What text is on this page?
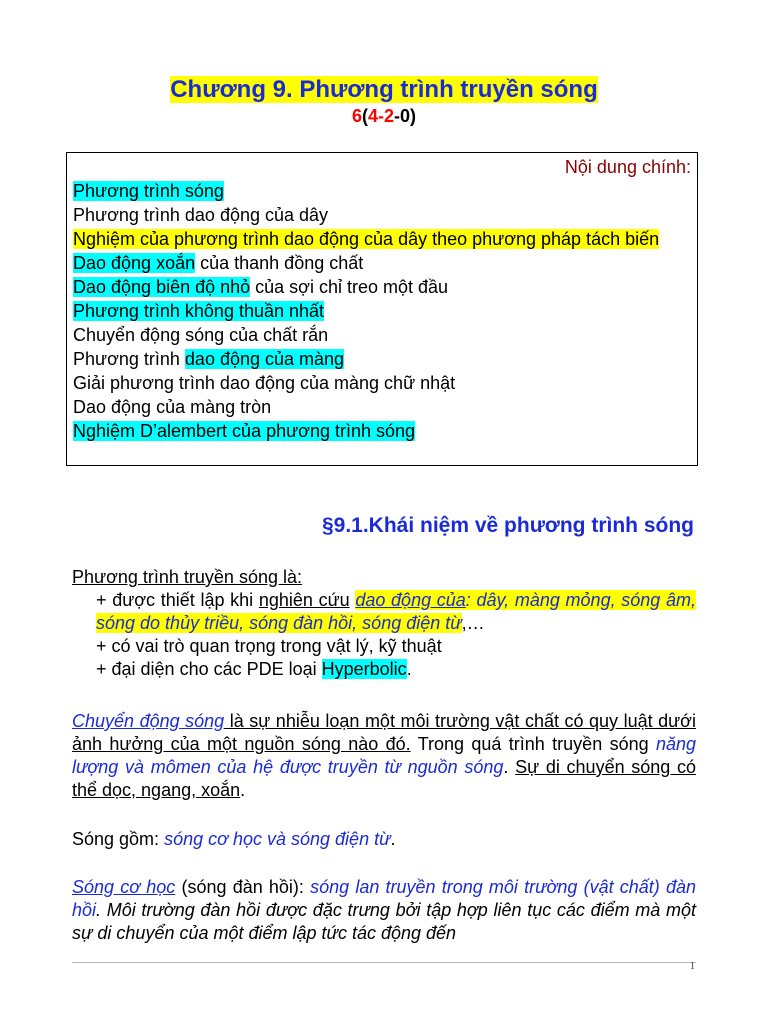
Chương 9. Phương trình truyền sóng
6(4-2-0)
Nội dung chính:
Phương trình sóng
Phương trình dao động của dây
Nghiệm của phương trình dao động của dây theo phương pháp tách biến
Dao động xoắn của thanh đồng chất
Dao động biên độ nhỏ của sợi chỉ treo một đầu
Phương trình không thuần nhất
Chuyển động sóng của chất rắn
Phương trình dao động của màng
Giải phương trình dao động của màng chữ nhật
Dao động của màng tròn
Nghiệm D’alembert của phương trình sóng
§9.1.Khái niệm về phương trình sóng
Phương trình truyền sóng là:
+ được thiết lập khi nghiên cứu dao động của: dây, màng mỏng, sóng âm, sóng do thủy triều, sóng đàn hồi, sóng điện từ,…
+ có vai trò quan trọng trong vật lý, kỹ thuật
+ đại diện cho các PDE loại Hyperbolic.
Chuyển động sóng là sự nhiễu loạn một môi trường vật chất có quy luật dưới ảnh hưởng của một nguồn sóng nào đó. Trong quá trình truyền sóng năng lượng và mômen của hệ được truyền từ nguồn sóng. Sự di chuyển sóng có thể dọc, ngang, xoắn.
Sóng gồm: sóng cơ học và sóng điện từ.
Sóng cơ học (sóng đàn hồi): sóng lan truyền trong môi trường (vật chất) đàn hồi. Môi trường đàn hồi được đặc trưng bởi tập hợp liên tục các điểm mà một sự di chuyển của một điểm lập tức tác động đến
1
